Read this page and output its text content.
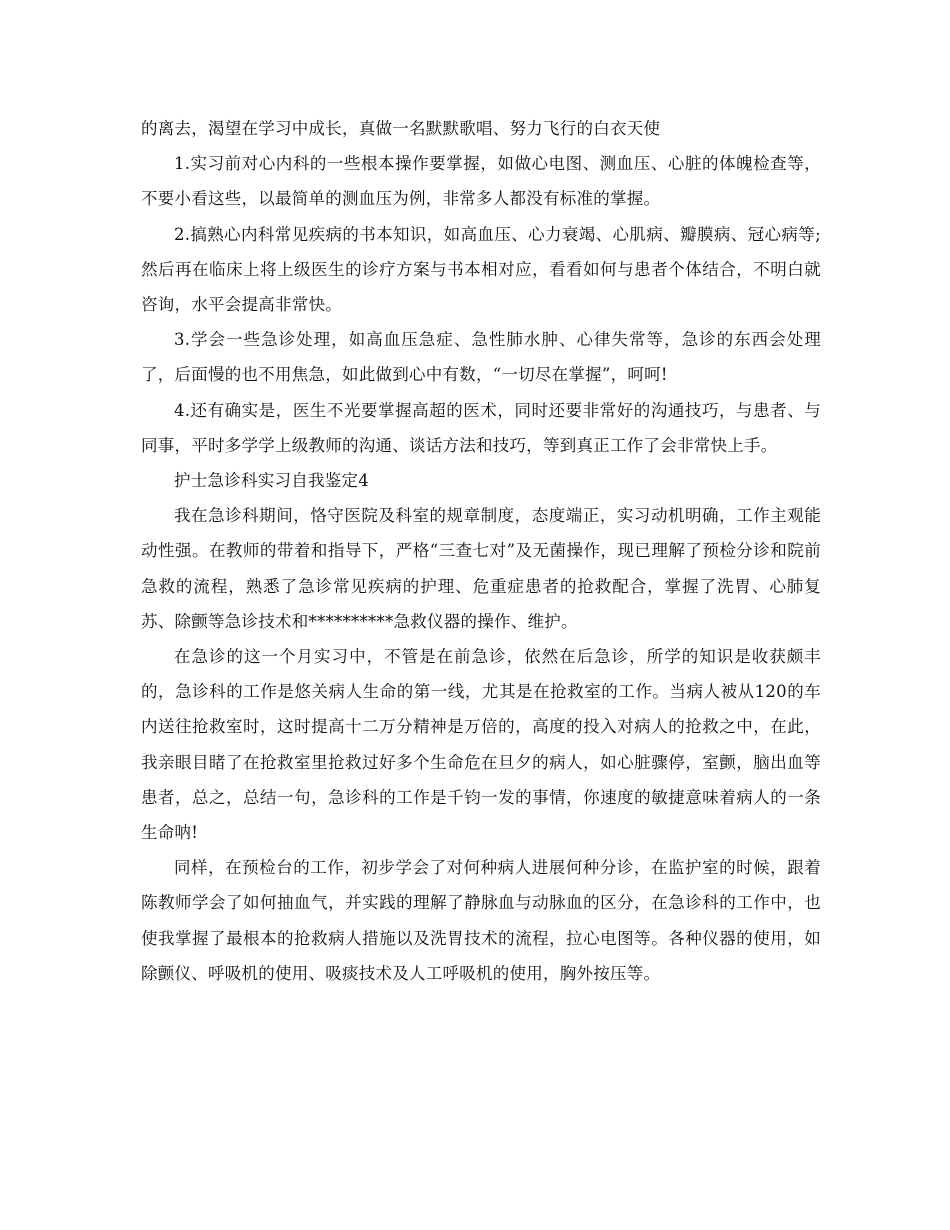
的离去，渴望在学习中成长，真做一名默默歌唱、努力飞行的白衣天使

1.实习前对心内科的一些根本操作要掌握，如做心电图、测血压、心脏的体魄检查等，不要小看这些，以最简单的测血压为例，非常多人都没有标准的掌握。

2.搞熟心内科常见疾病的书本知识，如高血压、心力衰竭、心肌病、瓣膜病、冠心病等;然后再在临床上将上级医生的诊疗方案与书本相对应，看看如何与患者个体结合，不明白就咨询，水平会提高非常快。

3.学会一些急诊处理，如高血压急症、急性肺水肿、心律失常等，急诊的东西会处理了，后面慢的也不用焦急，如此做到心中有数，“一切尽在掌握”，呵呵!

4.还有确实是，医生不光要掌握高超的医术，同时还要非常好的沟通技巧，与患者、与同事，平时多学学上级教师的沟通、谈话方法和技巧，等到真正工作了会非常快上手。

护士急诊科实习自我鉴定4

我在急诊科期间，恪守医院及科室的规章制度，态度端正，实习动机明确，工作主观能动性强。在教师的带着和指导下，严格“三查七对”及无菌操作，现已理解了预检分诊和院前急救的流程，熟悉了急诊常见疾病的护理、危重症患者的抢救配合，掌握了洗胃、心肺复苏、除颤等急诊技术和**********急救仪器的操作、维护。

在急诊的这一个月实习中，不管是在前急诊，依然在后急诊，所学的知识是收获颇丰的，急诊科的工作是悠关病人生命的第一线，尤其是在抢救室的工作。当病人被从120的车内送往抢救室时，这时提高十二万分精神是万倍的，高度的投入对病人的抢救之中，在此，我亲眼目睹了在抢救室里抢救过好多个生命危在旦夕的病人，如心脏骤停，室颤，脑出血等患者，总之，总结一句，急诊科的工作是千钧一发的事情，你速度的敏捷意味着病人的一条生命呐!

同样，在预检台的工作，初步学会了对何种病人进展何种分诊，在监护室的时候，跟着陈教师学会了如何抽血气，并实践的理解了静脉血与动脉血的区分，在急诊科的工作中，也使我掌握了最根本的抢救病人措施以及洗胃技术的流程，拉心电图等。各种仪器的使用，如除颤仪、呼吸机的使用、吸痰技术及人工呼吸机的使用，胸外按压等。
